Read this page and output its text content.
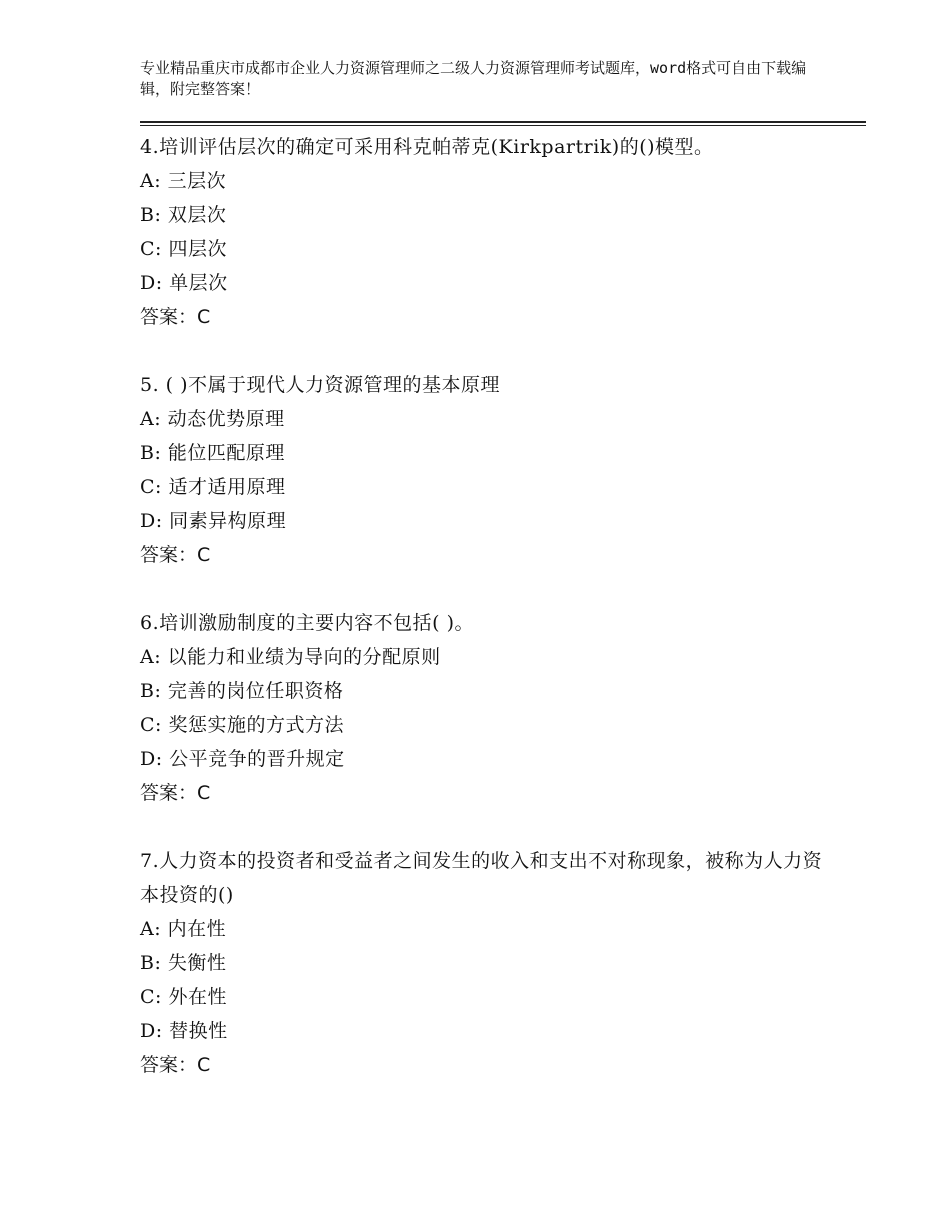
专业精品重庆市成都市企业人力资源管理师之二级人力资源管理师考试题库，word格式可自由下载编辑，附完整答案！
4.培训评估层次的确定可采用科克帕蒂克(Kirkpartrik)的()模型。
A: 三层次
B: 双层次
C: 四层次
D: 单层次
答案：C
5. ( )不属于现代人力资源管理的基本原理
A: 动态优势原理
B: 能位匹配原理
C: 适才适用原理
D: 同素异构原理
答案：C
6.培训激励制度的主要内容不包括( )。
A: 以能力和业绩为导向的分配原则
B: 完善的岗位任职资格
C: 奖惩实施的方式方法
D: 公平竞争的晋升规定
答案：C
7.人力资本的投资者和受益者之间发生的收入和支出不对称现象，被称为人力资本投资的()
A: 内在性
B: 失衡性
C: 外在性
D: 替换性
答案：C
